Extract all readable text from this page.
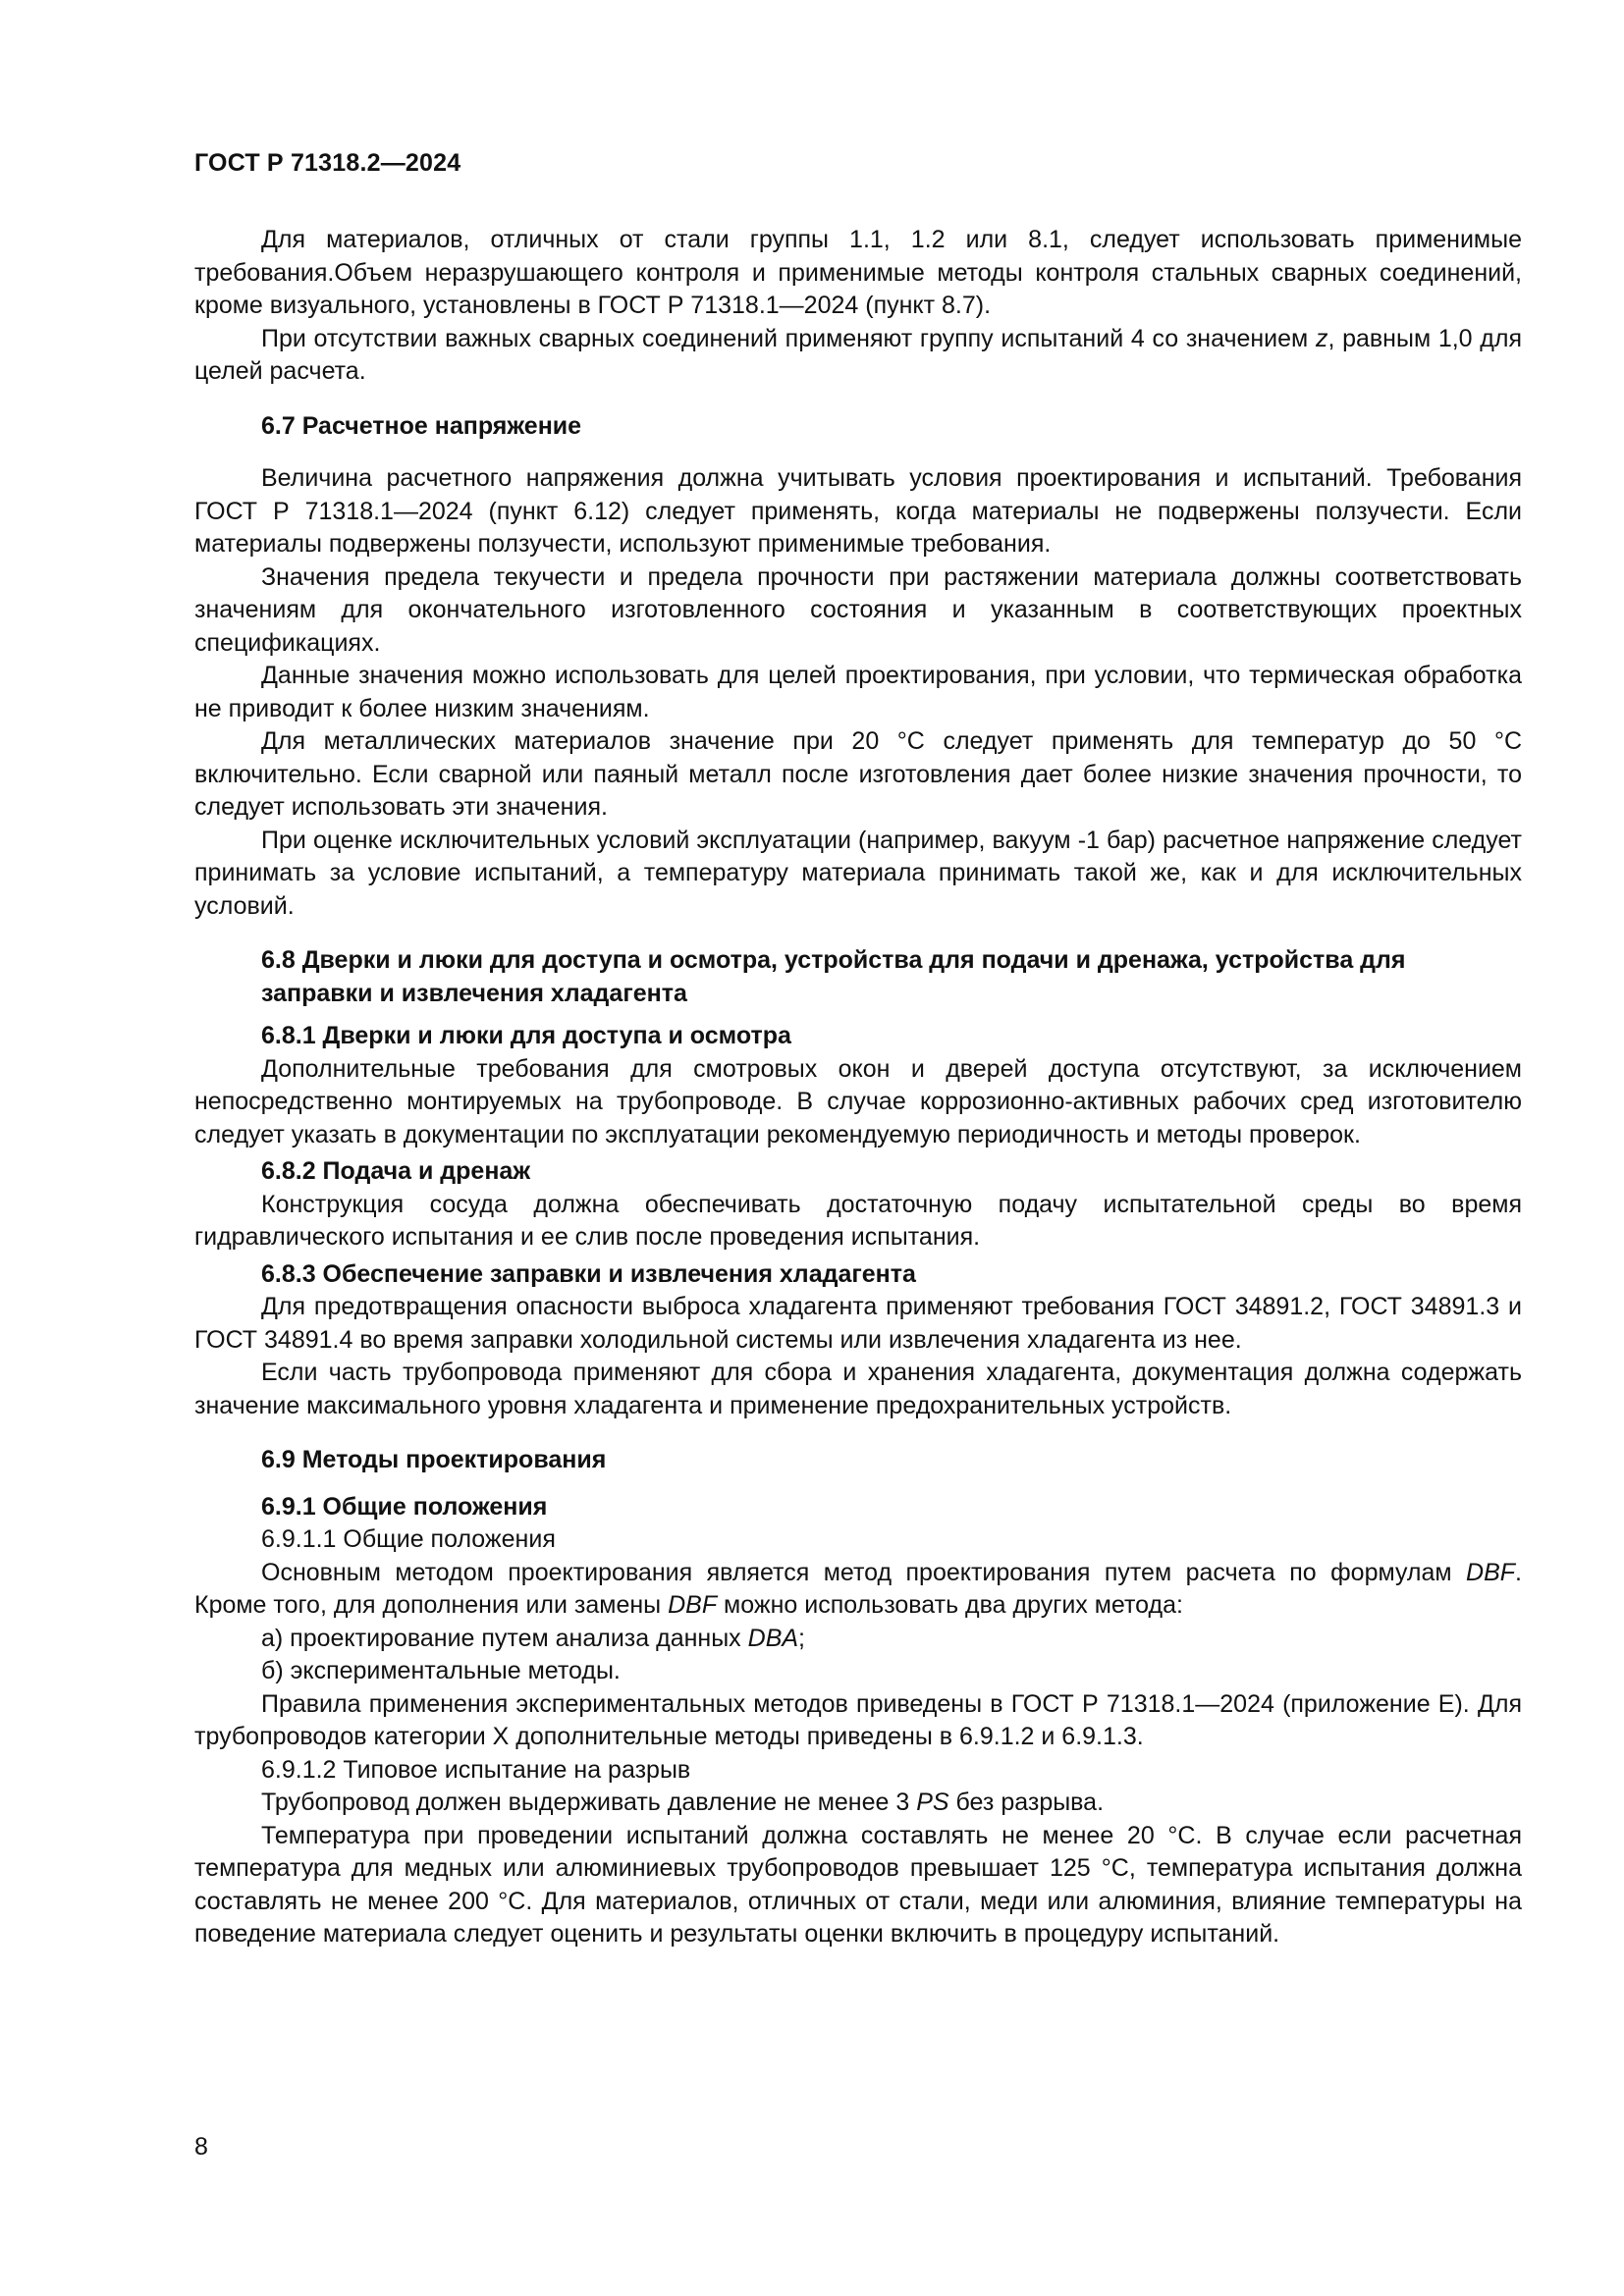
ГОСТ Р 71318.2—2024

Для материалов, отличных от стали группы 1.1, 1.2 или 8.1, следует использовать применимые требования.Объем неразрушающего контроля и применимые методы контроля стальных сварных соединений, кроме визуального, установлены в ГОСТ Р 71318.1—2024 (пункт 8.7).

При отсутствии важных сварных соединений применяют группу испытаний 4 со значением z, равным 1,0 для целей расчета.

6.7 Расчетное напряжение

Величина расчетного напряжения должна учитывать условия проектирования и испытаний. Требования ГОСТ Р 71318.1—2024 (пункт 6.12) следует применять, когда материалы не подвержены ползучести. Если материалы подвержены ползучести, используют применимые требования.

Значения предела текучести и предела прочности при растяжении материала должны соответствовать значениям для окончательного изготовленного состояния и указанным в соответствующих проектных спецификациях.

Данные значения можно использовать для целей проектирования, при условии, что термическая обработка не приводит к более низким значениям.

Для металлических материалов значение при 20 °С следует применять для температур до 50 °С включительно. Если сварной или паяный металл после изготовления дает более низкие значения прочности, то следует использовать эти значения.

При оценке исключительных условий эксплуатации (например, вакуум -1 бар) расчетное напряжение следует принимать за условие испытаний, а температуру материала принимать такой же, как и для исключительных условий.

6.8 Дверки и люки для доступа и осмотра, устройства для подачи и дренажа, устройства для заправки и извлечения хладагента
6.8.1 Дверки и люки для доступа и осмотра

Дополнительные требования для смотровых окон и дверей доступа отсутствуют, за исключением непосредственно монтируемых на трубопроводе. В случае коррозионно-активных рабочих сред изготовителю следует указать в документации по эксплуатации рекомендуемую периодичность и методы проверок.

6.8.2 Подача и дренаж

Конструкция сосуда должна обеспечивать достаточную подачу испытательной среды во время гидравлического испытания и ее слив после проведения испытания.

6.8.3 Обеспечение заправки и извлечения хладагента

Для предотвращения опасности выброса хладагента применяют требования ГОСТ 34891.2, ГОСТ 34891.3 и ГОСТ 34891.4 во время заправки холодильной системы или извлечения хладагента из нее.

Если часть трубопровода применяют для сбора и хранения хладагента, документация должна содержать значение максимального уровня хладагента и применение предохранительных устройств.

6.9 Методы проектирования
6.9.1 Общие положения

6.9.1.1 Общие положения

Основным методом проектирования является метод проектирования путем расчета по формулам DBF. Кроме того, для дополнения или замены DBF можно использовать два других метода:

а) проектирование путем анализа данных DBA;

б) экспериментальные методы.

Правила применения экспериментальных методов приведены в ГОСТ Р 71318.1—2024 (приложение Е). Для трубопроводов категории Х дополнительные методы приведены в 6.9.1.2 и 6.9.1.3.

6.9.1.2 Типовое испытание на разрыв

Трубопровод должен выдерживать давление не менее 3 PS без разрыва.

Температура при проведении испытаний должна составлять не менее 20 °С. В случае если расчетная температура для медных или алюминиевых трубопроводов превышает 125 °С, температура испытания должна составлять не менее 200 °С. Для материалов, отличных от стали, меди или алюминия, влияние температуры на поведение материала следует оценить и результаты оценки включить в процедуру испытаний.

8
